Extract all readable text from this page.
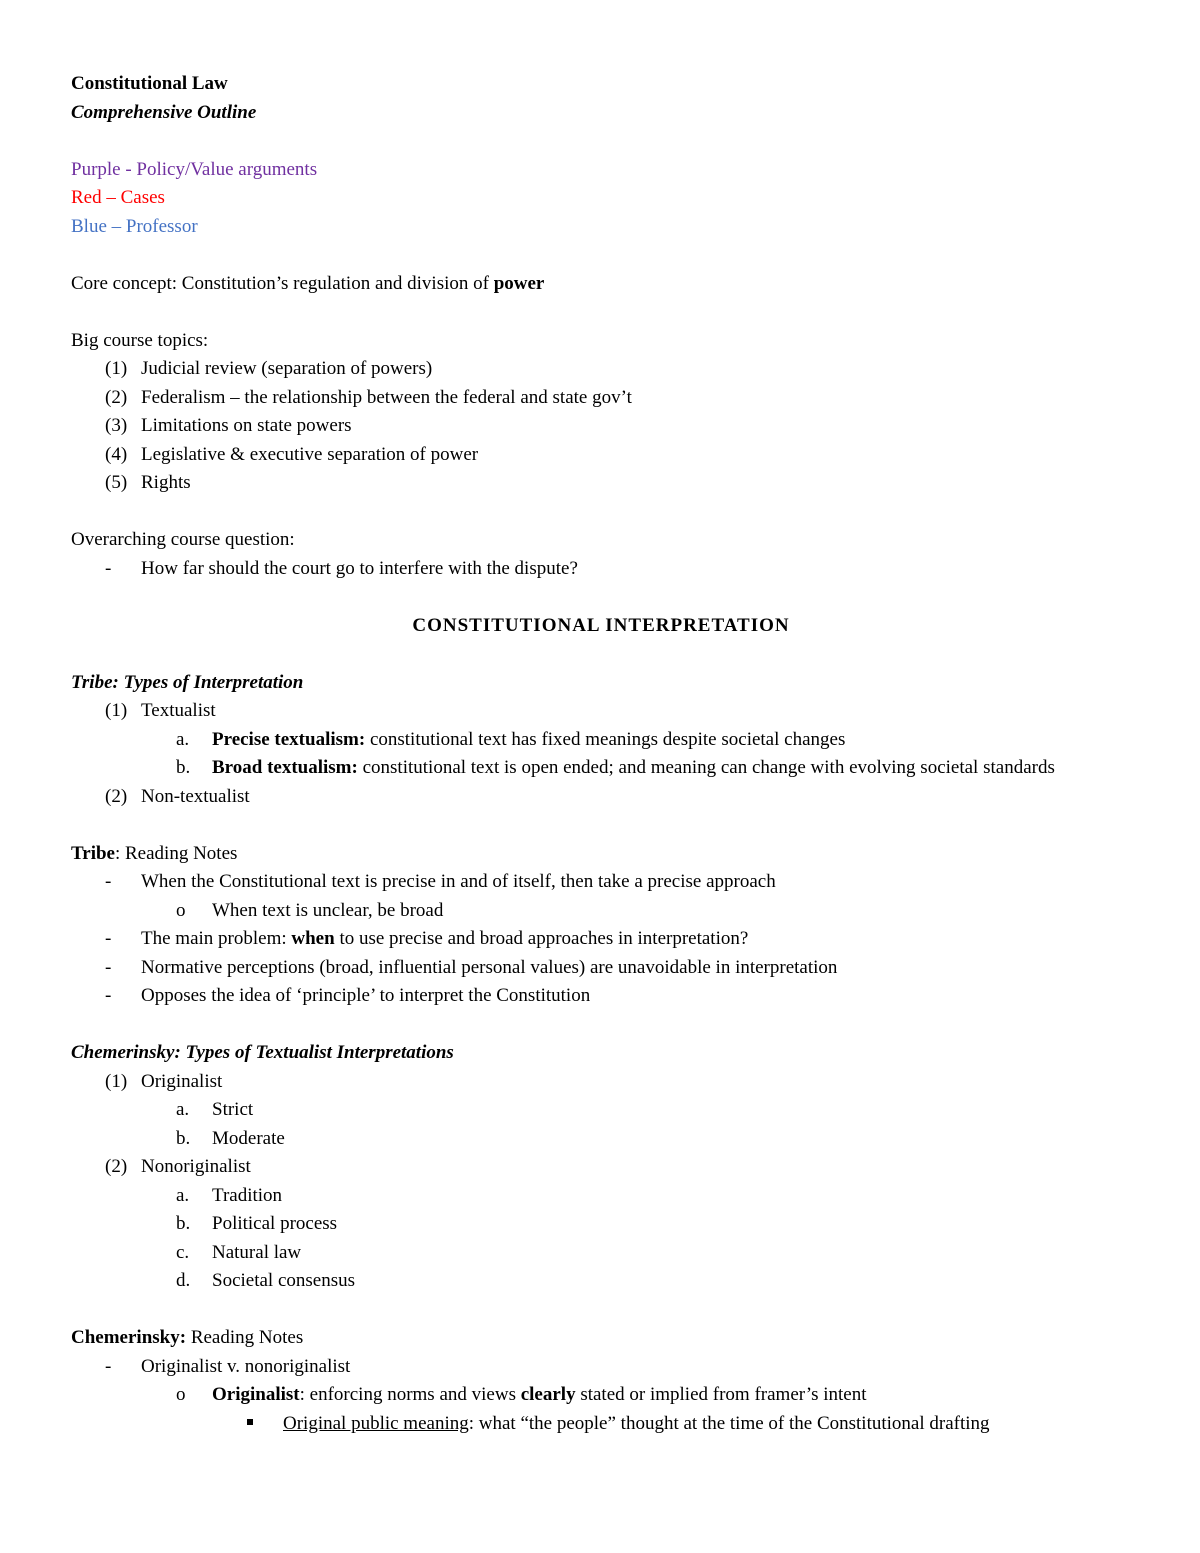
Constitutional Law
Comprehensive Outline
Purple - Policy/Value arguments
Red – Cases
Blue – Professor
Core concept: Constitution’s regulation and division of power
Big course topics:
(1) Judicial review (separation of powers)
(2) Federalism – the relationship between the federal and state gov’t
(3) Limitations on state powers
(4) Legislative & executive separation of power
(5) Rights
Overarching course question:
- How far should the court go to interfere with the dispute?
CONSTITUTIONAL INTERPRETATION
Tribe: Types of Interpretation
(1) Textualist
a. Precise textualism: constitutional text has fixed meanings despite societal changes
b.	Broad textualism: constitutional text is open ended; and meaning can change with evolving societal standards
(2) Non-textualist
Tribe: Reading Notes
- When the Constitutional text is precise in and of itself, then take a precise approach
o When text is unclear, be broad
- The main problem: when to use precise and broad approaches in interpretation?
- Normative perceptions (broad, influential personal values) are unavoidable in interpretation
- Opposes the idea of ‘principle’ to interpret the Constitution
Chemerinsky: Types of Textualist Interpretations
(1) Originalist
a. Strict
b. Moderate
(2) Nonoriginalist
a. Tradition
b. Political process
c. Natural law
d. Societal consensus
Chemerinsky: Reading Notes
- Originalist v. nonoriginalist
o Originalist: enforcing norms and views clearly stated or implied from framer’s intent
Original public meaning: what “the people” thought at the time of the Constitutional drafting
